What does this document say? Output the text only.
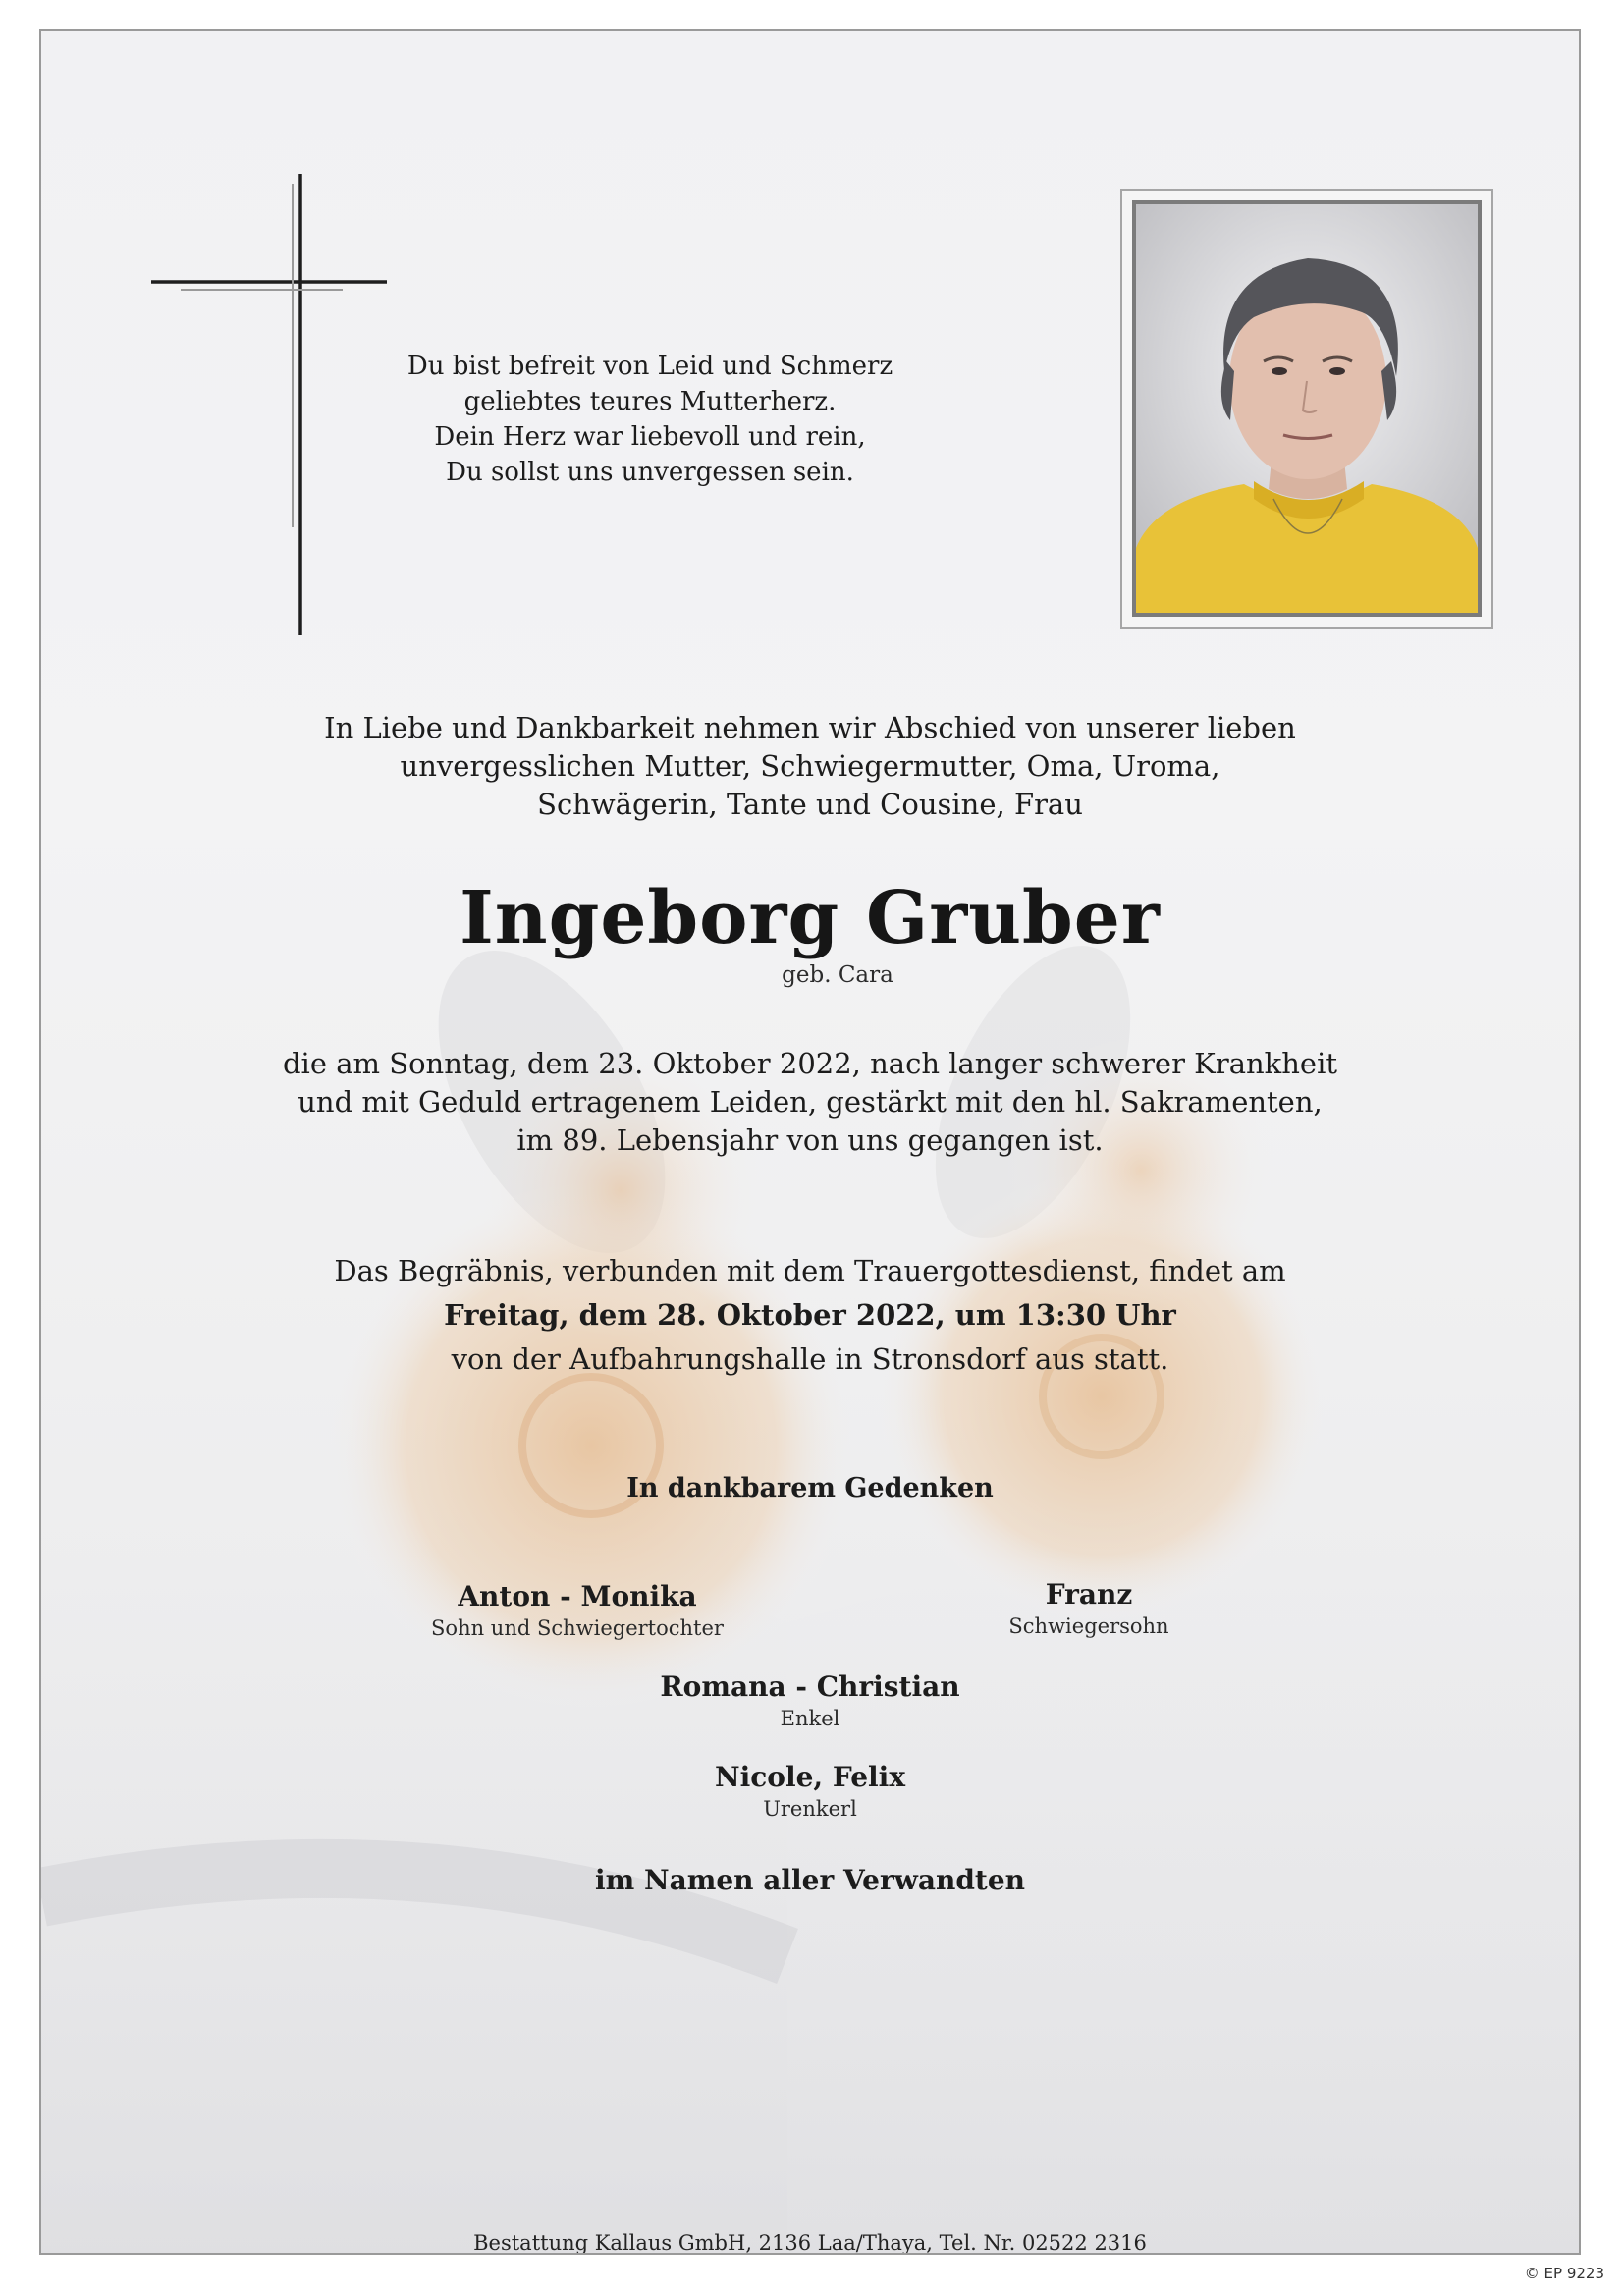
Du bist befreit von Leid und Schmerz
geliebtes teures Mutterherz.
Dein Herz war liebevoll und rein,
Du sollst uns unvergessen sein.
In Liebe und Dankbarkeit nehmen wir Abschied von unserer lieben
unvergesslichen Mutter, Schwiegermutter, Oma, Uroma,
Schwägerin, Tante und Cousine, Frau
Ingeborg Gruber
geb. Cara
die am Sonntag, dem 23. Oktober 2022, nach langer schwerer Krankheit
und mit Geduld ertragenem Leiden, gestärkt mit den hl. Sakramenten,
im 89. Lebensjahr von uns gegangen ist.
Das Begräbnis, verbunden mit dem Trauergottesdienst, findet am
Freitag, dem 28. Oktober 2022, um 13:30 Uhr
von der Aufbahrungshalle in Stronsdorf aus statt.
In dankbarem Gedenken
Anton - Monika
Sohn und Schwiegertochter
Franz
Schwiegersohn
Romana - Christian
Enkel
Nicole, Felix
Urenkerl
im Namen aller Verwandten
Bestattung Kallaus GmbH, 2136 Laa/Thaya, Tel. Nr. 02522 2316
© EP 9223
